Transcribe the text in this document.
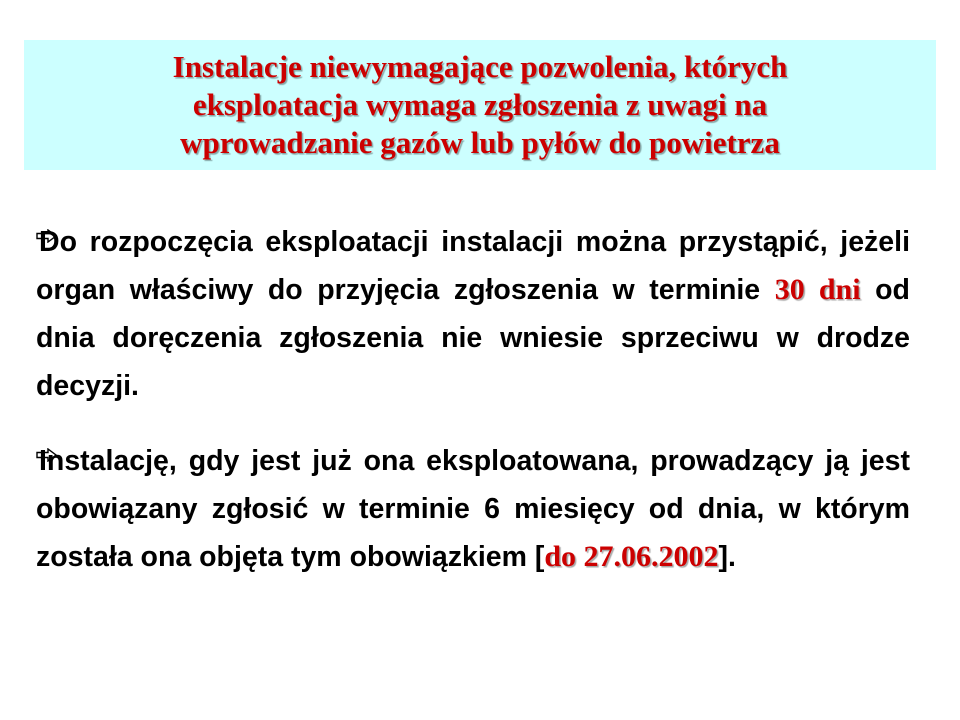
Instalacje niewymagające pozwolenia, których
eksploatacja wymaga zgłoszenia z uwagi na
wprowadzanie gazów lub pyłów do powietrza
Do rozpoczęcia eksploatacji instalacji można przystąpić, jeżeli organ właściwy do przyjęcia zgłoszenia w terminie 30 dni od dnia doręczenia zgłoszenia nie wniesie sprzeciwu w drodze decyzji.
Instalację, gdy jest już ona eksploatowana, prowadzący ją jest obowiązany zgłosić w terminie 6 miesięcy od dnia, w którym została ona objęta tym obowiązkiem [do 27.06.2002].
